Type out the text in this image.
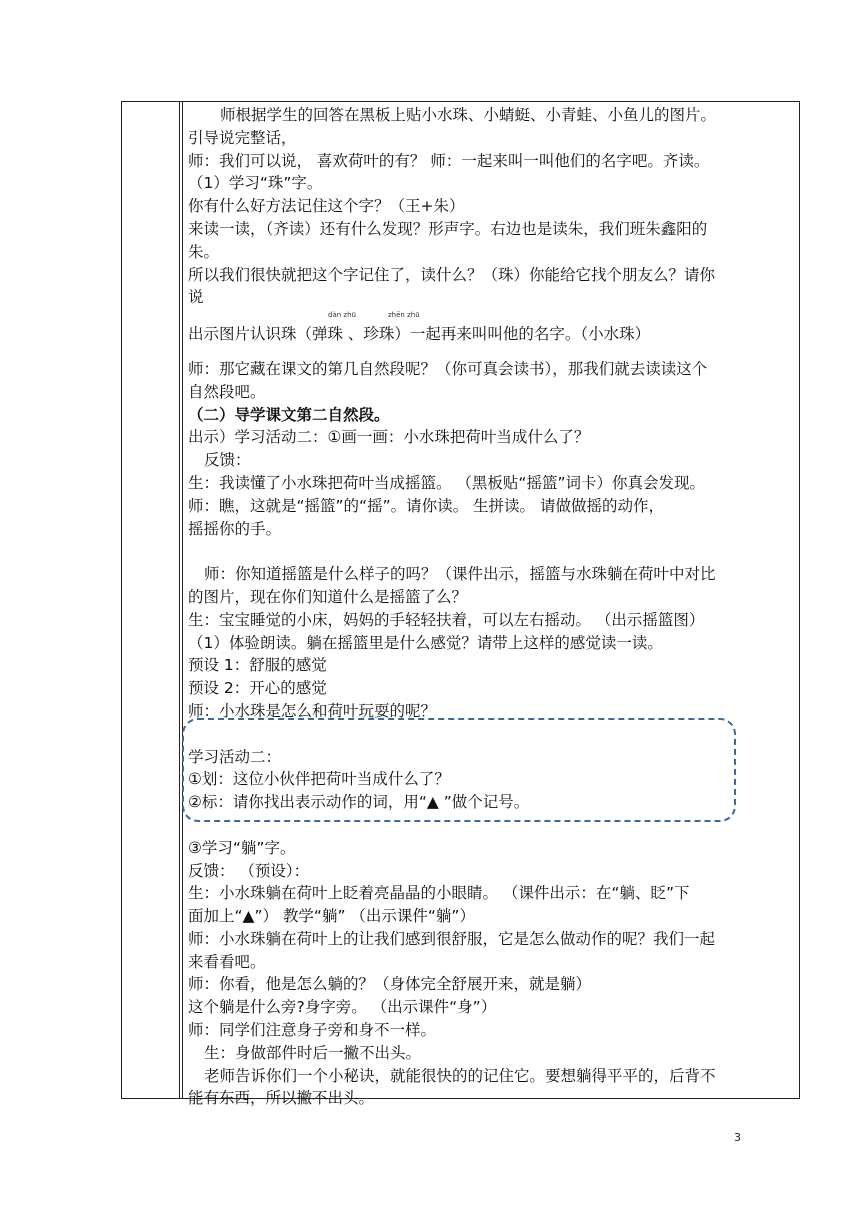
师根据学生的回答在黑板上贴小水珠、小蜻蜓、小青蛙、小鱼儿的图片。
引导说完整话，
师：我们可以说， 喜欢荷叶的有？ 师：一起来叫一叫他们的名字吧。齐读。
（1）学习“珠”字。
你有什么好方法记住这个字？（王+朱）
来读一读，（齐读）还有什么发现？形声字。右边也是读朱，我们班朱鑫阳的
朱。
所以我们很快就把这个字记住了，读什么？（珠）你能给它找个朋友么？请你
说
dàn zhū	zhēn zhū
出示图片认识珠（弹珠 、珍珠）一起再来叫叫他的名字。（小水珠）
师：那它藏在课文的第几自然段呢？（你可真会读书），那我们就去读读这个
自然段吧。
（二）导学课文第二自然段。
出示）学习活动二：①画一画：小水珠把荷叶当成什么了？
反馈：
生：我读懂了小水珠把荷叶当成摇篮。 （黑板贴“摇篮”词卡）你真会发现。
师：瞧，这就是“摇篮”的“摇”。请你读。 生拼读。 请做做摇的动作，
摇摇你的手。
师：你知道摇篮是什么样子的吗？（课件出示，摇篮与水珠躺在荷叶中对比
的图片，现在你们知道什么是摇篮了么？
生：宝宝睡觉的小床，妈妈的手轻轻扶着，可以左右摇动。 （出示摇篮图）
（1）体验朗读。躺在摇篮里是什么感觉？请带上这样的感觉读一读。
预设 1：舒服的感觉
预设 2：开心的感觉
师：小水珠是怎么和荷叶玩耍的呢？
学习活动二：
①划：这位小伙伴把荷叶当成什么了？
②标：请你找出表示动作的词，用“▲ ”做个记号。
③学习“躺”字。
反馈： （预设）：
生：小水珠躺在荷叶上眨着亮晶晶的小眼睛。 （课件出示：在“躺、眨”下
面加上“▲”） 教学“躺” （出示课件“躺”）
师：小水珠躺在荷叶上的让我们感到很舒服，它是怎么做动作的呢？我们一起
来看看吧。
师：你看，他是怎么躺的？（身体完全舒展开来，就是躺）
这个躺是什么旁?身字旁。 （出示课件“身”）
师：同学们注意身子旁和身不一样。
生：身做部件时后一撇不出头。
老师告诉你们一个小秘诀，就能很快的的记住它。要想躺得平平的，后背不
能有东西，所以撇不出头。
3
